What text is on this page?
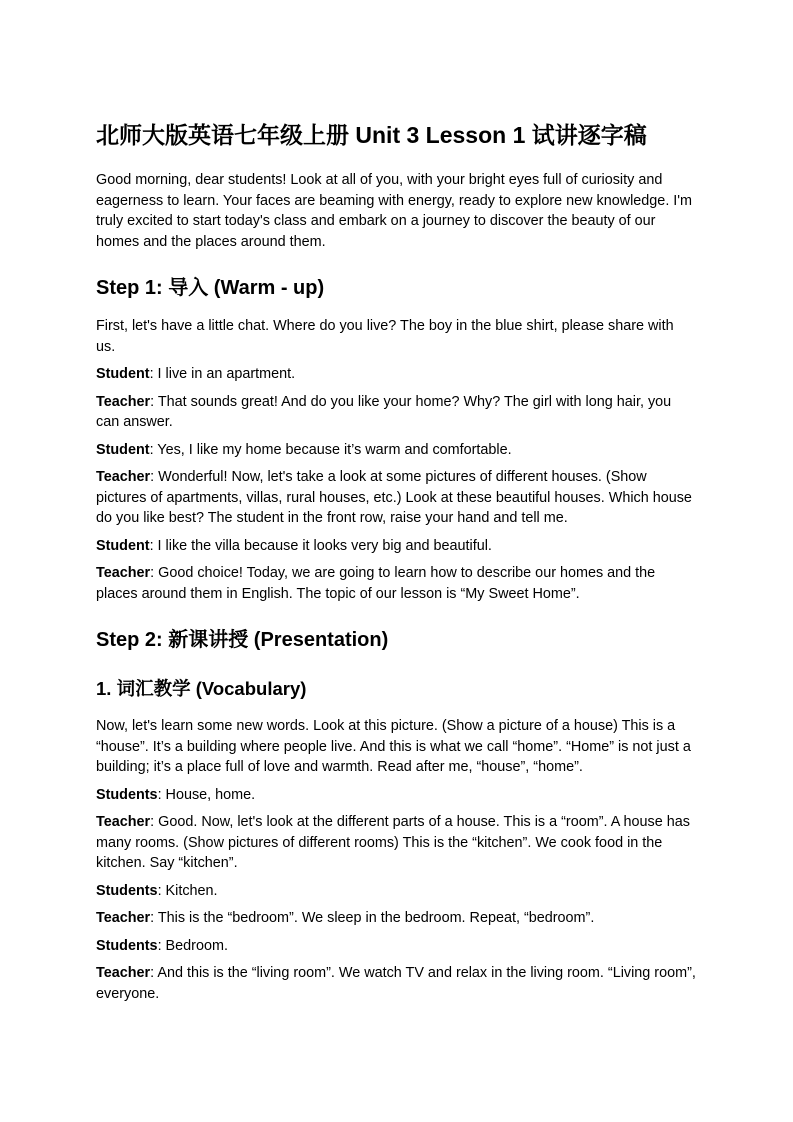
北师大版英语七年级上册 Unit 3 Lesson 1 试讲逐字稿

Good morning, dear students! Look at all of you, with your bright eyes full of curiosity and eagerness to learn. Your faces are beaming with energy, ready to explore new knowledge. I'm truly excited to start today's class and embark on a journey to discover the beauty of our homes and the places around them.

Step 1: 导入 (Warm - up)

First, let's have a little chat. Where do you live? The boy in the blue shirt, please share with us.

Student: I live in an apartment.

Teacher: That sounds great! And do you like your home? Why? The girl with long hair, you can answer.

Student: Yes, I like my home because it’s warm and comfortable.

Teacher: Wonderful! Now, let's take a look at some pictures of different houses. (Show pictures of apartments, villas, rural houses, etc.) Look at these beautiful houses. Which house do you like best? The student in the front row, raise your hand and tell me.

Student: I like the villa because it looks very big and beautiful.

Teacher: Good choice! Today, we are going to learn how to describe our homes and the places around them in English. The topic of our lesson is “My Sweet Home”.

Step 2: 新课讲授 (Presentation)
1. 词汇教学 (Vocabulary)

Now, let's learn some new words. Look at this picture. (Show a picture of a house) This is a “house”. It’s a building where people live. And this is what we call “home”. “Home” is not just a building; it’s a place full of love and warmth. Read after me, “house”, “home”.

Students: House, home.

Teacher: Good. Now, let's look at the different parts of a house. This is a “room”. A house has many rooms. (Show pictures of different rooms) This is the “kitchen”. We cook food in the kitchen. Say “kitchen”.

Students: Kitchen.

Teacher: This is the “bedroom”. We sleep in the bedroom. Repeat, “bedroom”.

Students: Bedroom.

Teacher: And this is the “living room”. We watch TV and relax in the living room. “Living room”, everyone.
